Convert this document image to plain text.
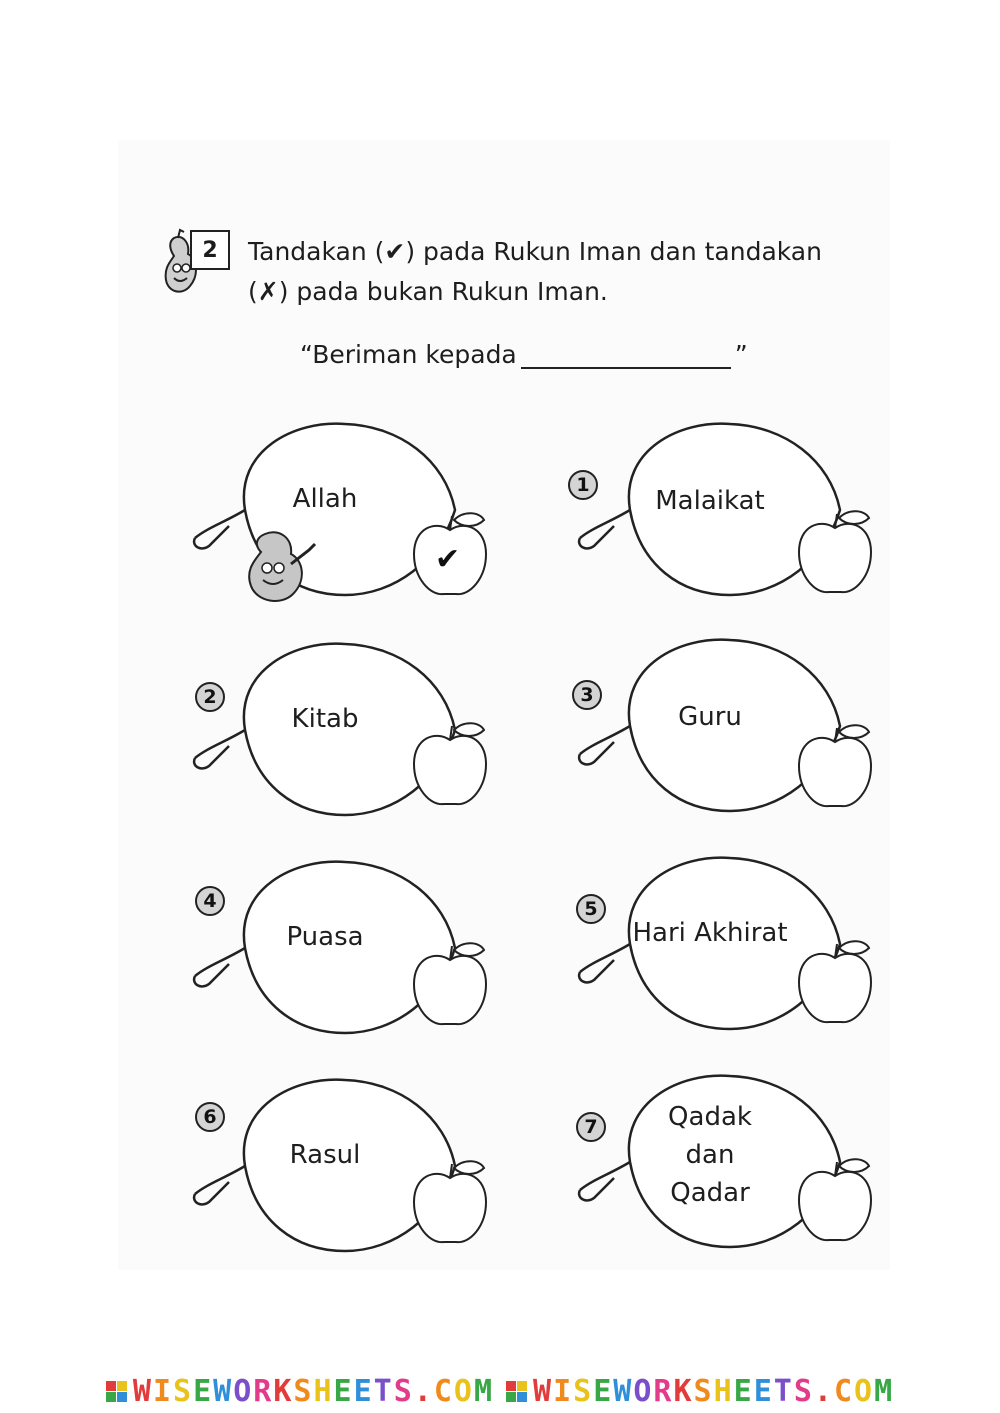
2	Tandakan (✔) pada Rukun Iman dan tandakan
(✗) pada bukan Rukun Iman.
“Beriman kepada	”
Allah
✔
1
Malaikat
2
Kitab
3
Guru
4
Puasa
5
Hari Akhirat
6
Rasul
7	Qadak
dan
Qadar
WISEWORKSHEETS.COM WISEWORKSHEETS.COM
